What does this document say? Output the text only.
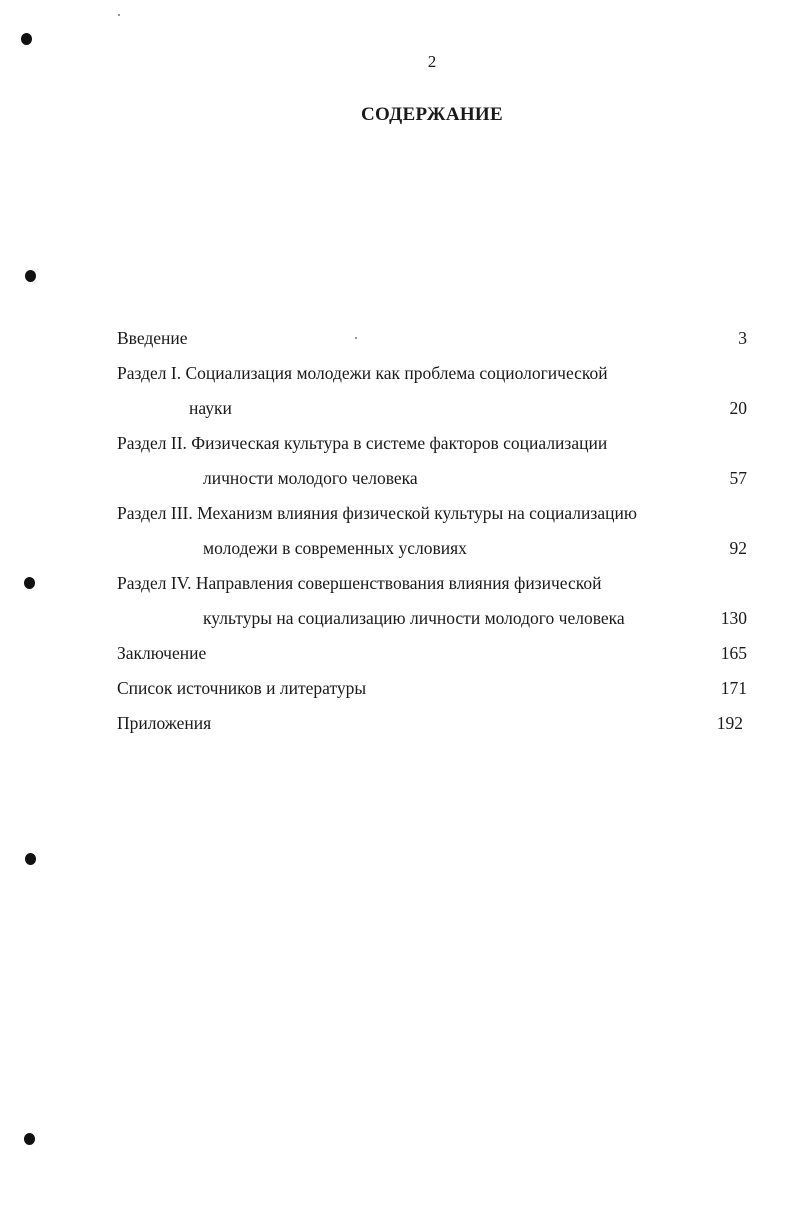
2
СОДЕРЖАНИЕ
Введение	3
Раздел I. Социализация молодежи как проблема социологической
науки	20
Раздел II. Физическая культура в системе факторов социализации
личности молодого человека	57
Раздел III. Механизм влияния физической культуры на социализацию
молодежи в современных условиях	92
Раздел IV. Направления совершенствования влияния физической
культуры на социализацию личности молодого человека	130
Заключение	165
Список источников и литературы	171
Приложения	192
